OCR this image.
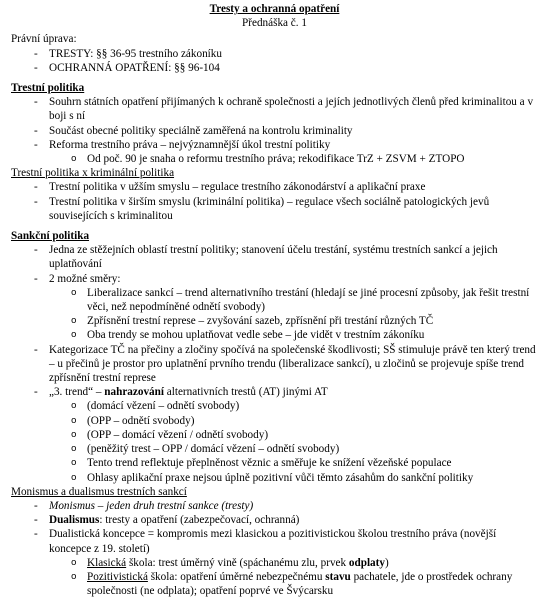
Tresty a ochranná opatření

Přednáška č. 1

Právní úprava:

- TRESTY: §§ 36-95 trestního zákoníku
- OCHRANNÁ OPATŘENÍ: §§ 96-104

Trestní politika

- Souhrn státních opatření přijímaných k ochraně společnosti a jejích jednotlivých členů před kriminalitou a v boji s ní
- Součást obecné politiky speciálně zaměřená na kontrolu kriminality
- Reforma trestního práva – nejvýznamnější úkol trestní politiky
o Od poč. 90 je snaha o reformu trestního práva; rekodifikace TrZ + ZSVM + ZTOPO

Trestní politika x kriminální politika

- Trestní politika v užším smyslu – regulace trestního zákonodárství a aplikační praxe
- Trestní politika v širším smyslu (kriminální politika) – regulace všech sociálně patologických jevů souvisejících s kriminalitou

Sankční politika

- Jedna ze stěžejních oblastí trestní politiky; stanovení účelu trestání, systému trestních sankcí a jejich uplatňování
- 2 možné směry:
o Liberalizace sankcí – trend alternativního trestání (hledají se jiné procesní způsoby, jak řešit trestní věci, než nepodmíněné odnětí svobody)
o Zpřísnění trestní represe – zvyšování sazeb, zpřísnění při trestání různých TČ
o Oba trendy se mohou uplatňovat vedle sebe – jde vidět v trestním zákoníku
- Kategorizace TČ na přečiny a zločiny spočívá na společenské škodlivosti; SŠ stimuluje právě ten který trend – u přečinů je prostor pro uplatnění prvního trendu (liberalizace sankcí), u zločinů se projevuje spíše trend zpřísnění trestní represe
- „3. trend“ – nahrazování alternativních trestů (AT) jinými AT
o (domácí vězení – odnětí svobody)
o (OPP – odnětí svobody)
o (OPP – domácí vězení / odnětí svobody)
o (peněžitý trest – OPP / domácí vězení – odnětí svobody)
o Tento trend reflektuje přeplněnost věznic a směřuje ke snížení vězeňské populace
o Ohlasy aplikační praxe nejsou úplně pozitivní vůči těmto zásahům do sankční politiky

Monismus a dualismus trestních sankcí

- Monismus – jeden druh trestní sankce (tresty)
- Dualismus: tresty a opatření (zabezpečovací, ochranná)
- Dualistická koncepce = kompromis mezi klasickou a pozitivistickou školou trestního práva (novější koncepce z 19. století)
o Klasická škola: trest úměrný vině (spáchanému zlu, prvek odplaty)
o Pozitivistická škola: opatření úměrné nebezpečnému stavu pachatele, jde o prostředek ochrany společnosti (ne odplata); opatření poprvé ve Švýcarsku
